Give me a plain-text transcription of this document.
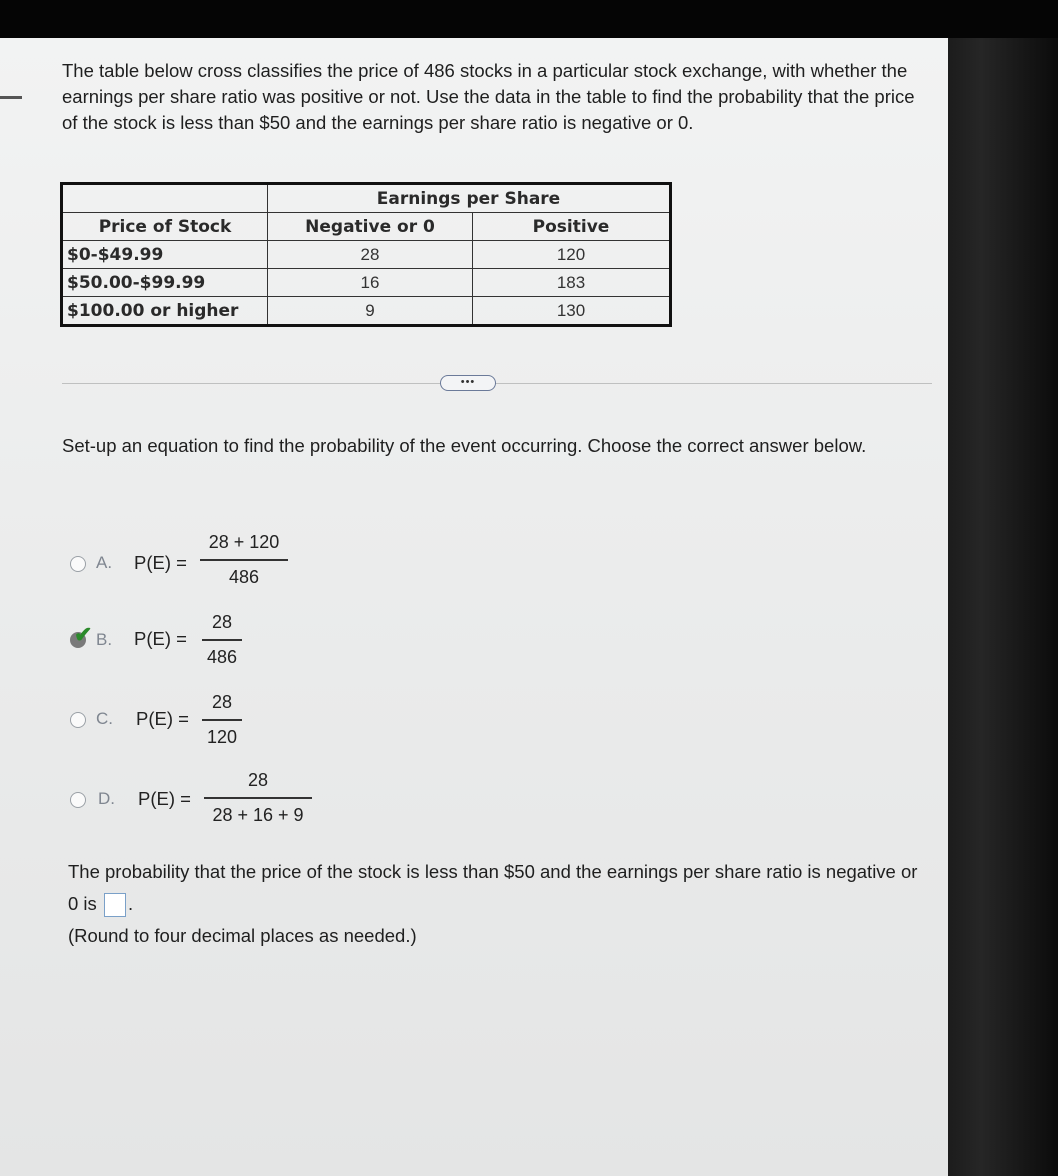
The table below cross classifies the price of 486 stocks in a particular stock exchange, with whether the earnings per share ratio was positive or not. Use the data in the table to find the probability that the price of the stock is less than $50 and the earnings per share ratio is negative or 0.
	Earnings per Share	
Price of Stock	Negative or 0	Positive
$0-$49.99	28	120
$50.00-$99.99	16	183
$100.00 or higher	9	130
•••
Set-up an equation to find the probability of the event occurring. Choose the correct answer below.
A. P(E) =
28 + 120
486
✔ B. P(E) =
28
486
C. P(E) =
28
120
D. P(E) =
28
28 + 16 + 9
The probability that the price of the stock is less than $50 and the earnings per share ratio is negative or 0 is .
(Round to four decimal places as needed.)
